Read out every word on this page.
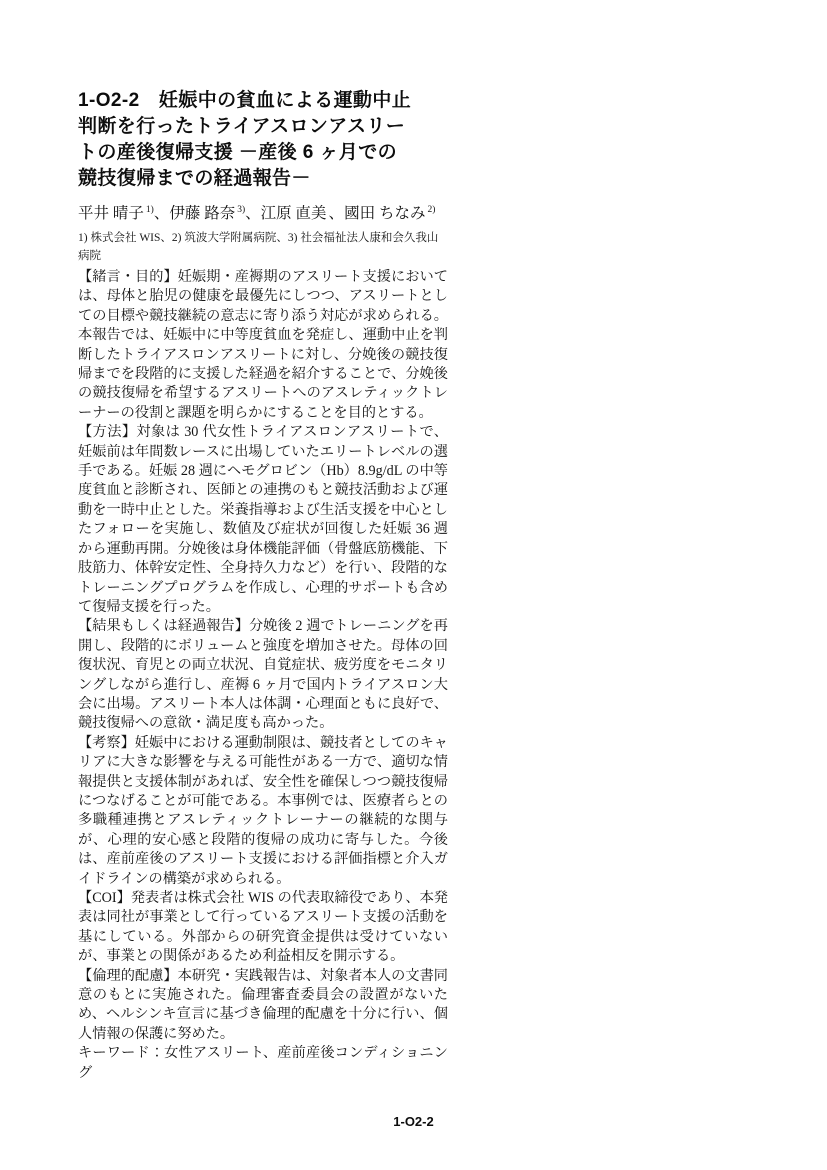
1-O2-2　妊娠中の貧血による運動中止判断を行ったトライアスロンアスリートの産後復帰支援 －産後 6 ヶ月での競技復帰までの経過報告－

平井 晴子 $^{1)}$、伊藤 路奈 $^{3)}$、江原 直美 、國田 ちなみ $^{2)}$

1) 株式会社 WIS、2) 筑波大学附属病院、3) 社会福祉法人康和会久我山病院

【緒言・目的】妊娠期・産褥期のアスリート支援においては、母体と胎児の健康を最優先にしつつ、アスリートとしての目標や競技継続の意志に寄り添う対応が求められる。本報告では、妊娠中に中等度貧血を発症し、運動中止を判断したトライアスロンアスリートに対し、分娩後の競技復帰までを段階的に支援した経過を紹介することで、分娩後の競技復帰を希望するアスリートへのアスレティックトレーナーの役割と課題を明らかにすることを目的とする。

【方法】対象は 30 代女性トライアスロンアスリートで、妊娠前は年間数レースに出場していたエリートレベルの選手である。妊娠 28 週にヘモグロビン（Hb）8.9g/dL の中等度貧血と診断され、医師との連携のもと競技活動および運動を一時中止とした。栄養指導および生活支援を中心としたフォローを実施し、数値及び症状が回復した妊娠 36 週から運動再開。分娩後は身体機能評価（骨盤底筋機能、下肢筋力、体幹安定性、全身持久力など）を行い、段階的なトレーニングプログラムを作成し、心理的サポートも含めて復帰支援を行った。

【結果もしくは経過報告】分娩後 2 週でトレーニングを再開し、段階的にボリュームと強度を増加させた。母体の回復状況、育児との両立状況、自覚症状、疲労度をモニタリングしながら進行し、産褥 6 ヶ月で国内トライアスロン大会に出場。アスリート本人は体調・心理面ともに良好で、競技復帰への意欲・満足度も高かった。

【考察】妊娠中における運動制限は、競技者としてのキャリアに大きな影響を与える可能性がある一方で、適切な情報提供と支援体制があれば、安全性を確保しつつ競技復帰につなげることが可能である。本事例では、医療者らとの多職種連携とアスレティックトレーナーの継続的な関与が、心理的安心感と段階的復帰の成功に寄与した。今後は、産前産後のアスリート支援における評価指標と介入ガイドラインの構築が求められる。

【COI】発表者は株式会社 WIS の代表取締役であり、本発表は同社が事業として行っているアスリート支援の活動を基にしている。外部からの研究資金提供は受けていないが、事業との関係があるため利益相反を開示する。

【倫理的配慮】本研究・実践報告は、対象者本人の文書同意のもとに実施された。倫理審査委員会の設置がないため、ヘルシンキ宣言に基づき倫理的配慮を十分に行い、個人情報の保護に努めた。

キーワード：女性アスリート、産前産後コンディショニング

1-O2-2
